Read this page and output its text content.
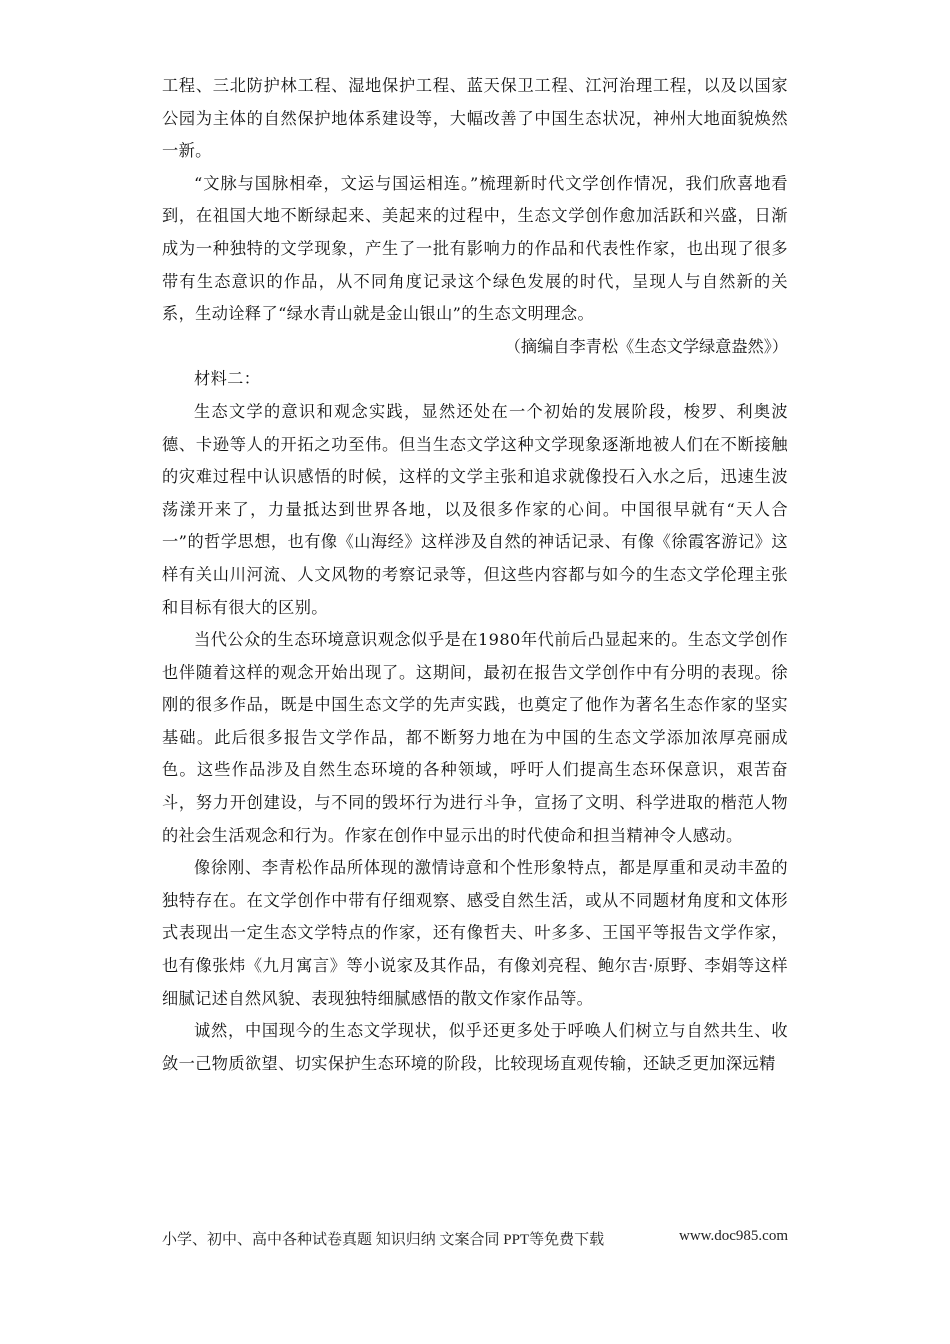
工程、三北防护林工程、湿地保护工程、蓝天保卫工程、江河治理工程，以及以国家公园为主体的自然保护地体系建设等，大幅改善了中国生态状况，神州大地面貌焕然一新。

“文脉与国脉相牵，文运与国运相连。”梳理新时代文学创作情况，我们欣喜地看到，在祖国大地不断绿起来、美起来的过程中，生态文学创作愈加活跃和兴盛，日渐成为一种独特的文学现象，产生了一批有影响力的作品和代表性作家，也出现了很多带有生态意识的作品，从不同角度记录这个绿色发展的时代，呈现人与自然新的关系，生动诠释了“绿水青山就是金山银山”的生态文明理念。

（摘编自李青松《生态文学绿意盎然》）

材料二：

生态文学的意识和观念实践，显然还处在一个初始的发展阶段，梭罗、利奥波德、卡逊等人的开拓之功至伟。但当生态文学这种文学现象逐渐地被人们在不断接触的灾难过程中认识感悟的时候，这样的文学主张和追求就像投石入水之后，迅速生波荡漾开来了，力量抵达到世界各地，以及很多作家的心间。中国很早就有“天人合一”的哲学思想，也有像《山海经》这样涉及自然的神话记录、有像《徐霞客游记》这样有关山川河流、人文风物的考察记录等，但这些内容都与如今的生态文学伦理主张和目标有很大的区别。

当代公众的生态环境意识观念似乎是在1980年代前后凸显起来的。生态文学创作也伴随着这样的观念开始出现了。这期间，最初在报告文学创作中有分明的表现。徐刚的很多作品，既是中国生态文学的先声实践，也奠定了他作为著名生态作家的坚实基础。此后很多报告文学作品，都不断努力地在为中国的生态文学添加浓厚亮丽成色。这些作品涉及自然生态环境的各种领域，呼吁人们提高生态环保意识，艰苦奋斗，努力开创建设，与不同的毁坏行为进行斗争，宣扬了文明、科学进取的楷范人物的社会生活观念和行为。作家在创作中显示出的时代使命和担当精神令人感动。

像徐刚、李青松作品所体现的激情诗意和个性形象特点，都是厚重和灵动丰盈的独特存在。在文学创作中带有仔细观察、感受自然生活，或从不同题材角度和文体形式表现出一定生态文学特点的作家，还有像哲夫、叶多多、王国平等报告文学作家，也有像张炜《九月寓言》等小说家及其作品，有像刘亮程、鲍尔吉·原野、李娟等这样细腻记述自然风貌、表现独特细腻感悟的散文作家作品等。

诚然，中国现今的生态文学现状，似乎还更多处于呼唤人们树立与自然共生、收敛一己物质欲望、切实保护生态环境的阶段，比较现场直观传输，还缺乏更加深远精

小学、初中、高中各种试卷真题 知识归纳 文案合同 PPT等免费下载	www.doc985.com
